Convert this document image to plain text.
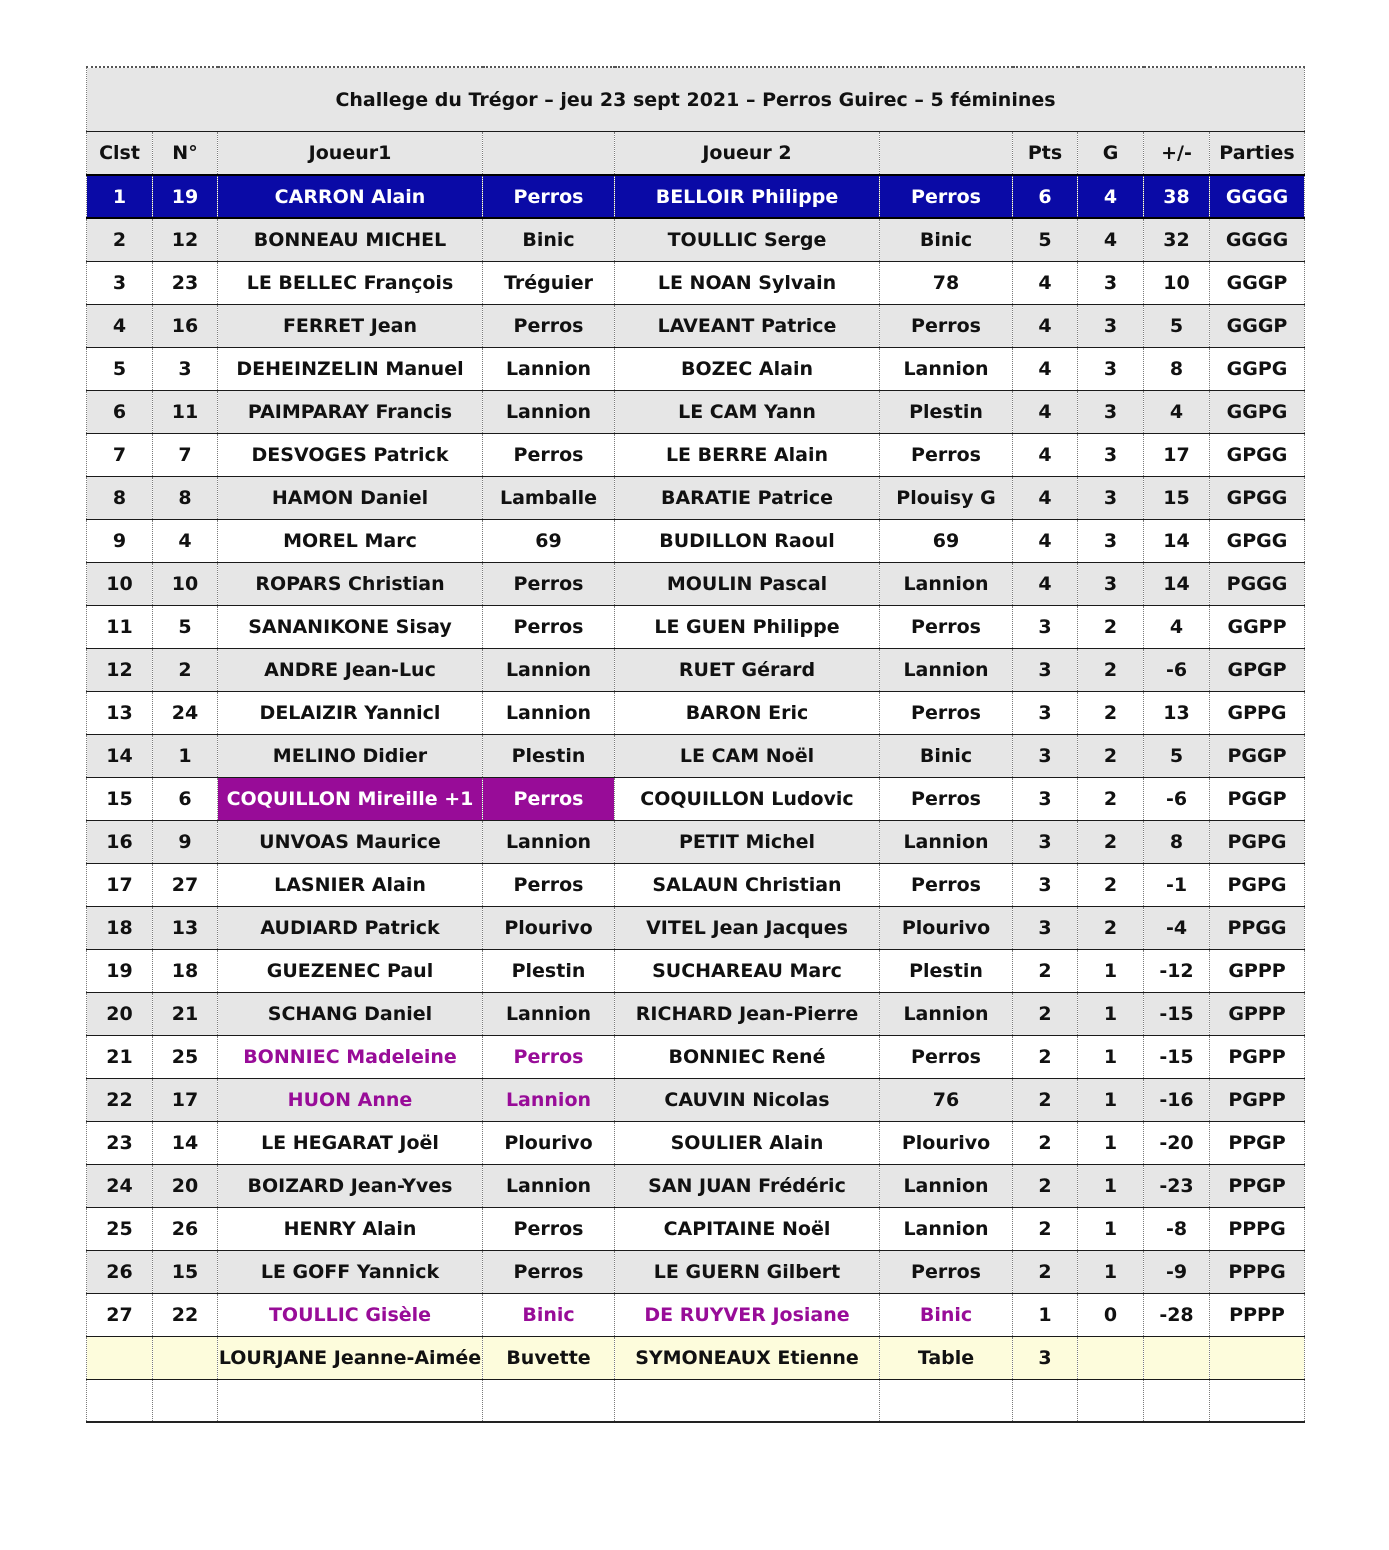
Challege du Trégor – jeu 23 sept 2021 – Perros Guirec – 5 féminines									
Clst	N°	Joueur1		Joueur 2		Pts	G	+/-	Parties
1	19	CARRON Alain	Perros	BELLOIR Philippe	Perros	6	4	38	GGGG
2	12	BONNEAU MICHEL	Binic	TOULLIC Serge	Binic	5	4	32	GGGG
3	23	LE BELLEC François	Tréguier	LE NOAN Sylvain	78	4	3	10	GGGP
4	16	FERRET Jean	Perros	LAVEANT Patrice	Perros	4	3	5	GGGP
5	3	DEHEINZELIN Manuel	Lannion	BOZEC Alain	Lannion	4	3	8	GGPG
6	11	PAIMPARAY Francis	Lannion	LE CAM Yann	Plestin	4	3	4	GGPG
7	7	DESVOGES Patrick	Perros	LE BERRE Alain	Perros	4	3	17	GPGG
8	8	HAMON Daniel	Lamballe	BARATIE Patrice	Plouisy G	4	3	15	GPGG
9	4	MOREL Marc	69	BUDILLON Raoul	69	4	3	14	GPGG
10	10	ROPARS Christian	Perros	MOULIN Pascal	Lannion	4	3	14	PGGG
11	5	SANANIKONE Sisay	Perros	LE GUEN Philippe	Perros	3	2	4	GGPP
12	2	ANDRE Jean-Luc	Lannion	RUET Gérard	Lannion	3	2	-6	GPGP
13	24	DELAIZIR Yannicl	Lannion	BARON Eric	Perros	3	2	13	GPPG
14	1	MELINO Didier	Plestin	LE CAM Noël	Binic	3	2	5	PGGP
15	6	COQUILLON Mireille +1	Perros	COQUILLON Ludovic	Perros	3	2	-6	PGGP
16	9	UNVOAS Maurice	Lannion	PETIT Michel	Lannion	3	2	8	PGPG
17	27	LASNIER Alain	Perros	SALAUN Christian	Perros	3	2	-1	PGPG
18	13	AUDIARD Patrick	Plourivo	VITEL Jean Jacques	Plourivo	3	2	-4	PPGG
19	18	GUEZENEC Paul	Plestin	SUCHAREAU Marc	Plestin	2	1	-12	GPPP
20	21	SCHANG Daniel	Lannion	RICHARD Jean-Pierre	Lannion	2	1	-15	GPPP
21	25	BONNIEC Madeleine	Perros	BONNIEC René	Perros	2	1	-15	PGPP
22	17	HUON Anne	Lannion	CAUVIN Nicolas	76	2	1	-16	PGPP
23	14	LE HEGARAT Joël	Plourivo	SOULIER Alain	Plourivo	2	1	-20	PPGP
24	20	BOIZARD Jean-Yves	Lannion	SAN JUAN Frédéric	Lannion	2	1	-23	PPGP
25	26	HENRY Alain	Perros	CAPITAINE Noël	Lannion	2	1	-8	PPPG
26	15	LE GOFF Yannick	Perros	LE GUERN Gilbert	Perros	2	1	-9	PPPG
27	22	TOULLIC Gisèle	Binic	DE RUYVER Josiane	Binic	1	0	-28	PPPP
		LOURJANE Jeanne-Aimée	Buvette	SYMONEAUX Etienne	Table	3			
